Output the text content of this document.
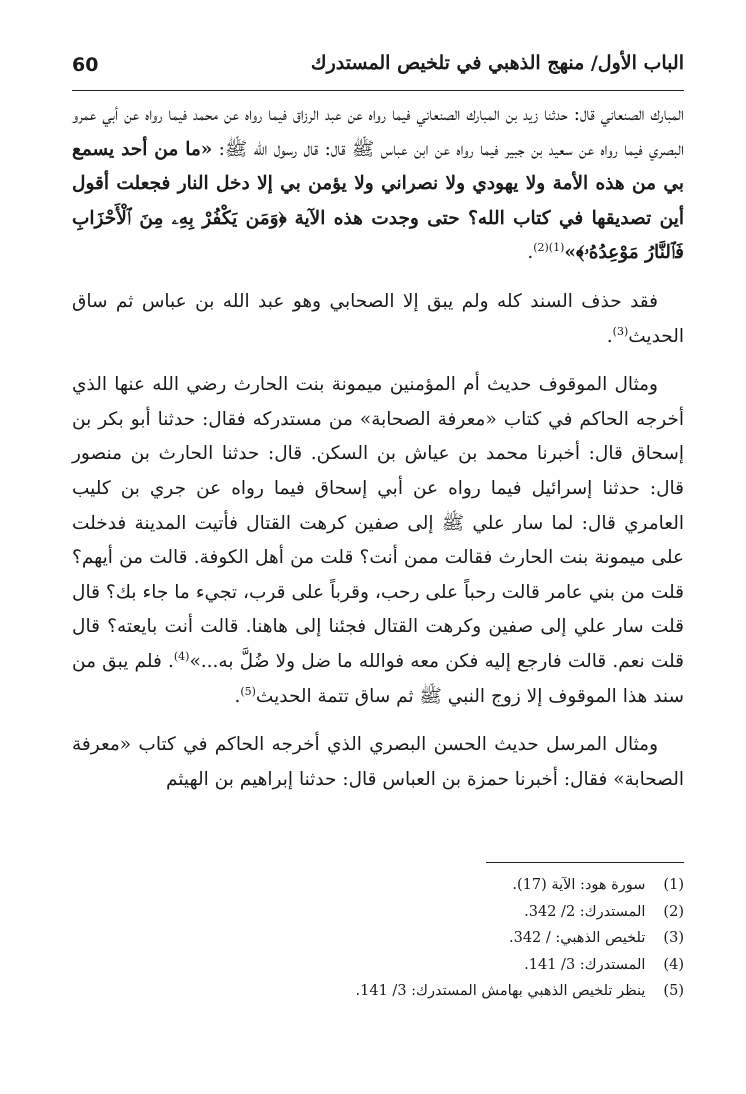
60	الباب الأول/ منهج الذهبي في تلخيص المستدرك

المبارك الصنعاني قال: حدثنا زيد بن المبارك الصنعاني فيما رواه عن عبد الرزاق فيما رواه عن محمد فيما رواه عن أبي عمرو البصري فيما رواه عن سعيد بن جبير فيما رواه عن ابن عباس ﷺ قال: قال رسول الله ﷺ: «ما من أحد يسمع بي من هذه الأمة ولا يهودي ولا نصراني ولا يؤمن بي إلا دخل النار فجعلت أقول أين تصديقها في كتاب الله؟ حتى وجدت هذه الآية ﴿وَمَن يَكْفُرْ بِهِۦ مِنَ ٱلْأَحْزَابِ فَٱلنَّارُ مَوْعِدُهُۥ﴾»$^{(1)(2)}$.

فقد حذف السند كله ولم يبق إلا الصحابي وهو عبد الله بن عباس ثم ساق الحديث$^{(3)}$.

ومثال الموقوف حديث أم المؤمنين ميمونة بنت الحارث رضي الله عنها الذي أخرجه الحاكم في كتاب «معرفة الصحابة» من مستدركه فقال: حدثنا أبو بكر بن إسحاق قال: أخبرنا محمد بن عياش بن السكن. قال: حدثنا الحارث بن منصور قال: حدثنا إسرائيل فيما رواه عن أبي إسحاق فيما رواه عن جري بن كليب العامري قال: لما سار علي ﷺ إلى صفين كرهت القتال فأتيت المدينة فدخلت على ميمونة بنت الحارث فقالت ممن أنت؟ قلت من أهل الكوفة. قالت من أيهم؟ قلت من بني عامر قالت رحباً على رحب، وقرباً على قرب، تجيء ما جاء بك؟ قال قلت سار علي إلى صفين وكرهت القتال فجئنا إلى هاهنا. قالت أنت بايعته؟ قال قلت نعم. قالت فارجع إليه فكن معه فوالله ما ضل ولا ضُلَّ به...»$^{(4)}$. فلم يبق من سند هذا الموقوف إلا زوج النبي ﷺ ثم ساق تتمة الحديث$^{(5)}$.

ومثال المرسل حديث الحسن البصري الذي أخرجه الحاكم في كتاب «معرفة الصحابة» فقال: أخبرنا حمزة بن العباس قال: حدثنا إبراهيم بن الهيثم

(1) سورة هود: الآية (17).
(2) المستدرك: 2/ 342.
(3) تلخيص الذهبي: / 342.
(4) المستدرك: 3/ 141.
(5) ينظر تلخيص الذهبي بهامش المستدرك: 3/ 141.
